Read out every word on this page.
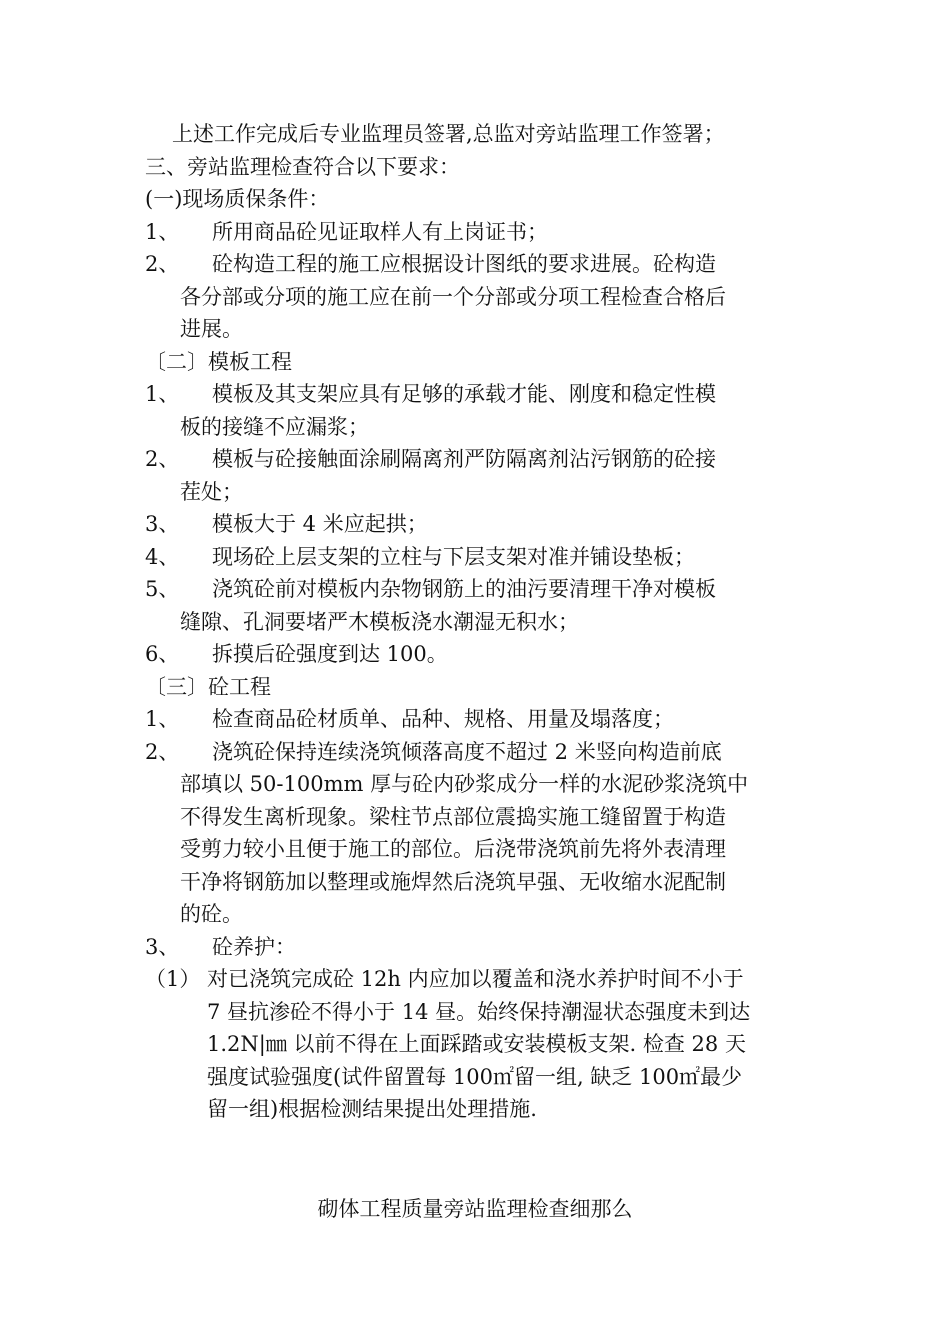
上述工作完成后专业监理员签署,总监对旁站监理工作签署；
三、旁站监理检查符合以下要求：
(一)现场质保条件：
1、	所用商品砼见证取样人有上岗证书；
2、	砼构造工程的施工应根据设计图纸的要求进展。砼构造
各分部或分项的施工应在前一个分部或分项工程检查合格后
进展。
〔二〕模板工程
1、	模板及其支架应具有足够的承载才能、刚度和稳定性模
板的接缝不应漏浆；
2、	模板与砼接触面涂刷隔离剂严防隔离剂沾污钢筋的砼接
茬处；
3、	模板大于 4 米应起拱；
4、	现场砼上层支架的立柱与下层支架对准并铺设垫板；
5、	浇筑砼前对模板内杂物钢筋上的油污要清理干净对模板
缝隙、孔洞要堵严木模板浇水潮湿无积水；
6、	拆摸后砼强度到达 100。
〔三〕砼工程
1、	检查商品砼材质单、品种、规格、用量及塌落度；
2、	浇筑砼保持连续浇筑倾落高度不超过 2 米竖向构造前底
部填以 50-100mm 厚与砼内砂浆成分一样的水泥砂浆浇筑中
不得发生离析现象。梁柱节点部位震捣实施工缝留置于构造
受剪力较小且便于施工的部位。后浇带浇筑前先将外表清理
干净将钢筋加以整理或施焊然后浇筑早强、无收缩水泥配制
的砼。
3、	砼养护：
（1） 对已浇筑完成砼 12h 内应加以覆盖和浇水养护时间不小于
7 昼抗渗砼不得小于 14 昼。始终保持潮湿状态强度未到达
1.2N|㎜ 以前不得在上面踩踏或安装模板支架. 检查 28 天
强度试验强度(试件留置每 100㎡留一组, 缺乏 100㎡最少
留一组)根据检测结果提出处理措施.
砌体工程质量旁站监理检查细那么
